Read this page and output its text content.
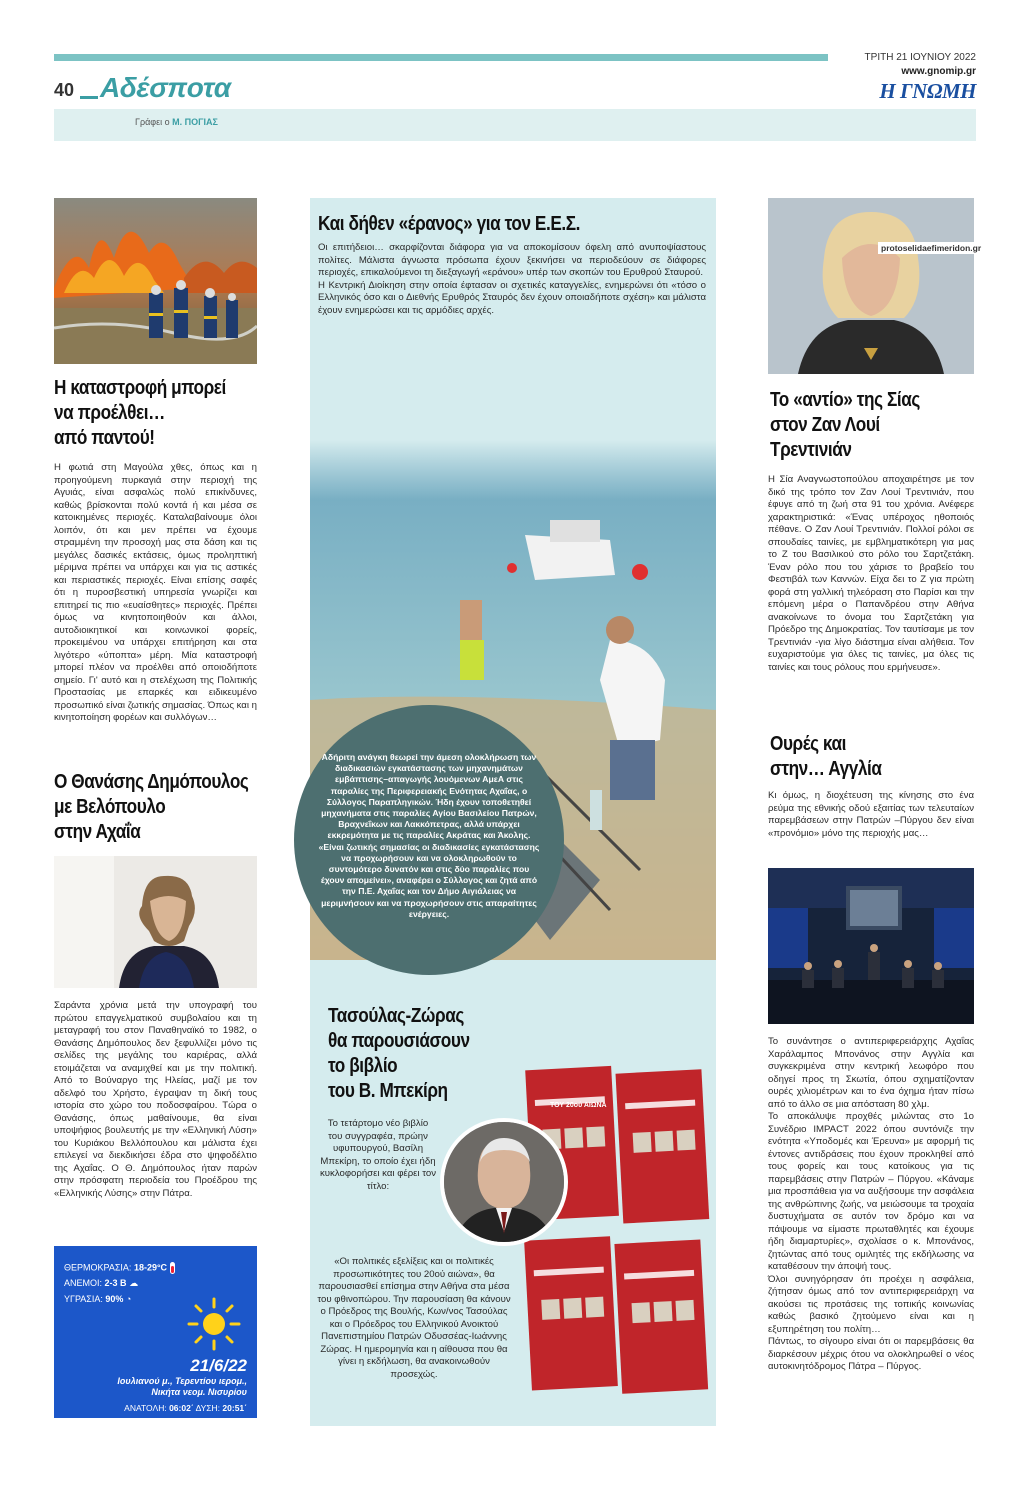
40 Αδέσποτα
ΤΡΙΤΗ 21 ΙΟΥΝΙΟΥ 2022
www.gnomip.gr
Η ΓΝΩΜΗ
Γράφει ο Μ. ΠΟΓΙΑΣ
Η καταστροφή μπορεί
να προέλθει…
από παντού!
Η φωτιά στη Μαγούλα χθες, όπως και η προηγούμενη πυρκαγιά στην περιοχή της Αγυιάς, είναι ασφαλώς πολύ επικίνδυνες, καθώς βρίσκονται πολύ κοντά ή και μέσα σε κατοικημένες περιοχές. Καταλαβαίνουμε όλοι λοιπόν, ότι και μεν πρέπει να έχουμε στραμμένη την προσοχή μας στα δάση και τις μεγάλες δασικές εκτάσεις, όμως προληπτική μέριμνα πρέπει να υπάρχει και για τις αστικές και περιαστικές περιοχές. Είναι επίσης σαφές ότι η πυροσβεστική υπηρεσία γνωρίζει και επιτηρεί τις πιο «ευαίσθητες» περιοχές. Πρέπει όμως να κινητοποιηθούν και άλλοι, αυτοδιοικητικοί και κοινωνικοί φορείς, προκειμένου να υπάρχει επιτήρηση και στα λιγότερο «ύποπτα» μέρη. Μία καταστροφή μπορεί πλέον να προέλθει από οποιοδήποτε σημείο. Γι' αυτό και η στελέχωση της Πολιτικής Προστασίας με επαρκές και ειδικευμένο προσωπικό είναι ζωτικής σημασίας. Όπως και η κινητοποίηση φορέων και συλλόγων…
Ο Θανάσης Δημόπουλος
με Βελόπουλο
στην Αχαΐα
Σαράντα χρόνια μετά την υπογραφή του πρώτου επαγγελματικού συμβολαίου και τη μεταγραφή του στον Παναθηναϊκό το 1982, ο Θανάσης Δημόπουλος δεν ξεφυλλίζει μόνο τις σελίδες της μεγάλης του καριέρας, αλλά ετοιμάζεται να αναμιχθεί και με την πολιτική. Από το Βούναργο της Ηλείας, μαζί με τον αδελφό του Χρήστο, έγραψαν τη δική τους ιστορία στο χώρο του ποδοσφαίρου. Τώρα ο Θανάσης, όπως μαθαίνουμε, θα είναι υποψήφιος βουλευτής με την «Ελληνική Λύση» του Κυριάκου Βελλόπουλου και μάλιστα έχει επιλεγεί να διεκδικήσει έδρα στο ψηφοδέλτιο της Αχαΐας. Ο Θ. Δημόπουλος ήταν παρών στην πρόσφατη περιοδεία του Προέδρου της «Ελληνικής Λύσης» στην Πάτρα.
ΘΕΡΜΟΚΡΑΣΙΑ: 18-29°C
ΑΝΕΜΟΙ: 2-3 Β ☁
ΥΓΡΑΣΙΑ: 90% ◔
21/6/22
Ιουλιανού μ., Τερεντίου ιερομ.,
Νικήτα νεομ. Νισυρίου
ΑΝΑΤΟΛΗ: 06:02΄ ΔΥΣΗ: 20:51΄
Και δήθεν «έρανος» για τον Ε.Ε.Σ.
Οι επιτήδειοι… σκαρφίζονται διάφορα για να αποκομίσουν όφελη από ανυποψίαστους πολίτες. Μάλιστα άγνωστα πρόσωπα έχουν ξεκινήσει να περιοδεύουν σε διάφορες περιοχές, επικαλούμενοι τη διεξαγωγή «εράνου» υπέρ των σκοπών του Ερυθρού Σταυρού.
Η Κεντρική Διοίκηση στην οποία έφτασαν οι σχετικές καταγγελίες, ενημερώνει ότι «τόσο ο Ελληνικός όσο και ο Διεθνής Ερυθρός Σταυρός δεν έχουν οποιαδήποτε σχέση» και μάλιστα έχουν ενημερώσει και τις αρμόδιες αρχές.
Αδήριτη ανάγκη θεωρεί την άμεση ολοκλήρωση των διαδικασιών εγκατάστασης των μηχανημάτων εμβάπτισης–απαγωγής λουόμενων ΑμεΑ στις παραλίες της Περιφερειακής Ενότητας Αχαΐας, ο Σύλλογος Παραπληγικών. Ήδη έχουν τοποθετηθεί μηχανήματα στις παραλίες Αγίου Βασιλείου Πατρών, Βραχνεΐκων και Λακκόπετρας, αλλά υπάρχει εκκρεμότητα με τις παραλίες Ακράτας και Άκολης. «Είναι ζωτικής σημασίας οι διαδικασίες εγκατάστασης να προχωρήσουν και να ολοκληρωθούν το συντομότερο δυνατόν και στις δύο παραλίες που έχουν απομείνει», αναφέρει ο Σύλλογος και ζητά από την Π.Ε. Αχαΐας και τον Δήμο Αιγιάλειας να μεριμνήσουν και να προχωρήσουν στις απαραίτητες ενέργειες.
Τασούλας-Ζώρας
θα παρουσιάσουν
το βιβλίο
του Β. Μπεκίρη
ΤΟΥ 20ού ΑΙΩΝΑ
Το τετάρτομο νέο βιβλίο του συγγραφέα, πρώην υφυπουργού, Βασίλη Μπεκίρη, το οποίο έχει ήδη κυκλοφορήσει και φέρει τον τίτλο:
«Οι πολιτικές εξελίξεις και οι πολιτικές προσωπικότητες του 20ού αιώνα», θα παρουσιασθεί επίσημα στην Αθήνα στα μέσα του φθινοπώρου. Την παρουσίαση θα κάνουν ο Πρόεδρος της Βουλής, Κων/νος Τασούλας και ο Πρόεδρος του Ελληνικού Ανοικτού Πανεπιστημίου Πατρών Οδυσσέας-Ιωάννης Ζώρας. Η ημερομηνία και η αίθουσα που θα γίνει η εκδήλωση, θα ανακοινωθούν προσεχώς.
protoselidaefimeridon.gr
Το «αντίο» της Σίας
στον Ζαν Λουί
Τρεντινιάν
Η Σία Αναγνωστοπούλου αποχαιρέτησε με τον δικό της τρόπο τον Ζαν Λουί Τρεντινιάν, που έφυγε από τη ζωή στα 91 του χρόνια. Ανέφερε χαρακτηριστικά: «Ένας υπέροχος ηθοποιός πέθανε. Ο Ζαν Λουί Τρεντινιάν. Πολλοί ρόλοι σε σπουδαίες ταινίες, με εμβληματικότερη για μας το Ζ του Βασιλικού στο ρόλο του Σαρτζετάκη. Έναν ρόλο που του χάρισε το βραβείο του Φεστιβάλ των Καννών. Είχα δει το Ζ για πρώτη φορά στη γαλλική τηλεόραση στο Παρίσι και την επόμενη μέρα ο Παπανδρέου στην Αθήνα ανακοίνωνε το όνομα του Σαρτζετάκη για Πρόεδρο της Δημοκρατίας. Τον ταυτίσαμε με τον Τρεντινιάν -για λίγο διάστημα είναι αλήθεια. Τον ευχαριστούμε για όλες τις ταινίες, μα όλες τις ταινίες και τους ρόλους που ερμήνευσε».
Ουρές και
στην… Αγγλία
Κι όμως, η διοχέτευση της κίνησης στο ένα ρεύμα της εθνικής οδού εξαιτίας των τελευταίων παρεμβάσεων στην Πατρών –Πύργου δεν είναι «προνόμιο» μόνο της περιοχής μας…
Το συνάντησε ο αντιπεριφερειάρχης Αχαΐας Χαράλαμπος Μπονάνος στην Αγγλία και συγκεκριμένα στην κεντρική λεωφόρο που οδηγεί προς τη Σκωτία, όπου σχηματίζονταν ουρές χιλιομέτρων και το ένα όχημα ήταν πίσω από το άλλο σε μια απόσταση 80 χλμ.
Το αποκάλυψε προχθές μιλώντας στο 1ο Συνέδριο IMPACT 2022 όπου συντόνιζε την ενότητα «Υποδομές και Έρευνα» με αφορμή τις έντονες αντιδράσεις που έχουν προκληθεί από τους φορείς και τους κατοίκους για τις παρεμβάσεις στην Πατρών – Πύργου. «Κάναμε μια προσπάθεια για να αυξήσουμε την ασφάλεια της ανθρώπινης ζωής, να μειώσουμε τα τροχαία δυστυχήματα σε αυτόν τον δρόμο και να πάψουμε να είμαστε πρωταθλητές και έχουμε ήδη διαμαρτυρίες», σχολίασε ο κ. Μπονάνος, ζητώντας από τους ομιλητές της εκδήλωσης να καταθέσουν την άποψή τους.
Όλοι συνηγόρησαν ότι προέχει η ασφάλεια, ζήτησαν όμως από τον αντιπεριφερειάρχη να ακούσει τις προτάσεις της τοπικής κοινωνίας καθώς βασικό ζητούμενο είναι και η εξυπηρέτηση του πολίτη…
Πάντως, το σίγουρο είναι ότι οι παρεμβάσεις θα διαρκέσουν μέχρις ότου να ολοκληρωθεί ο νέος αυτοκινητόδρομος Πάτρα – Πύργος.
